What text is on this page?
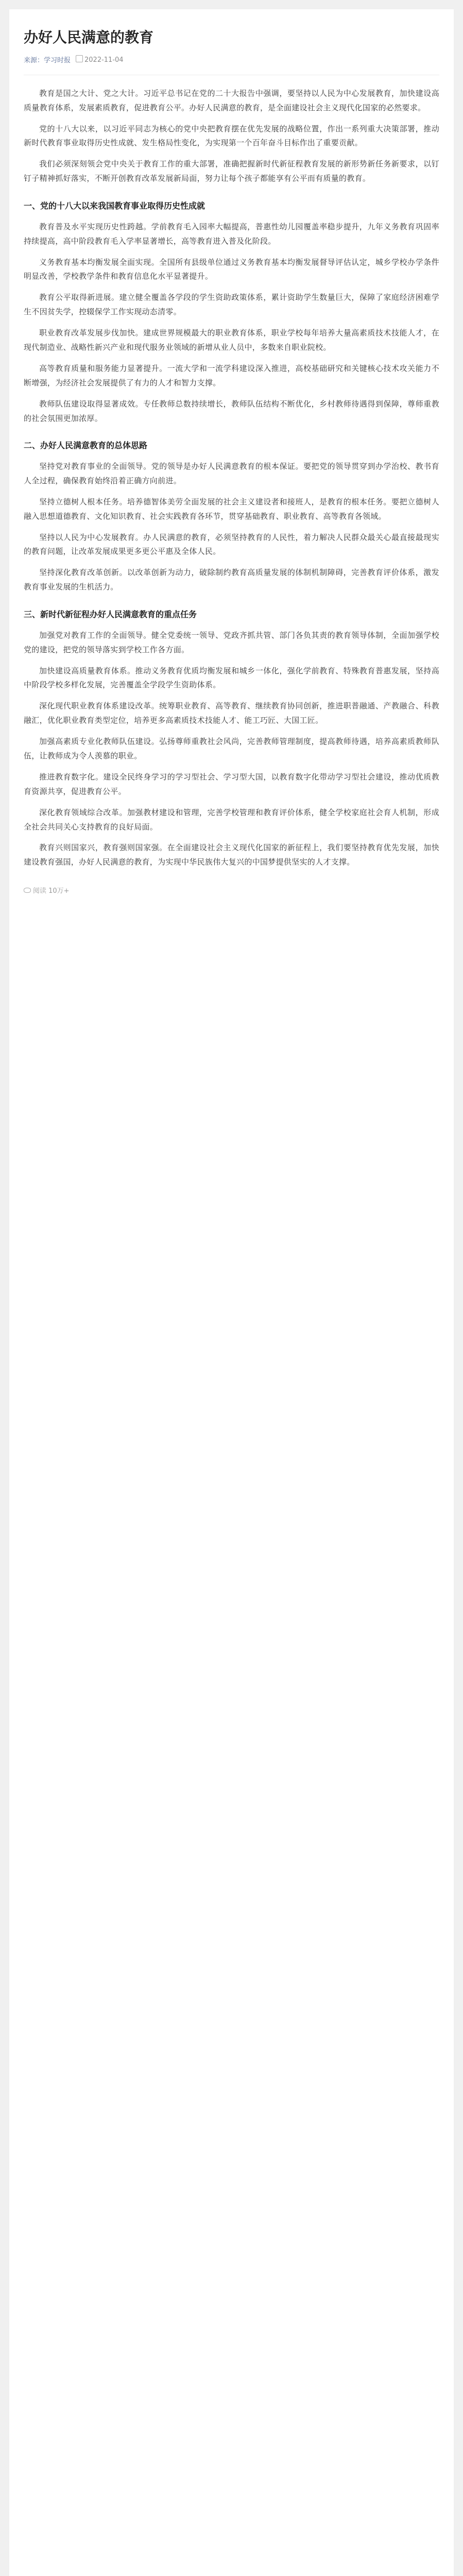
办好人民满意的教育
来源：学习时报	2022-11-04

教育是国之大计、党之大计。习近平总书记在党的二十大报告中强调，要坚持以人民为中心发展教育，加快建设高质量教育体系，发展素质教育，促进教育公平。办好人民满意的教育，是全面建设社会主义现代化国家的必然要求。

党的十八大以来，以习近平同志为核心的党中央把教育摆在优先发展的战略位置，作出一系列重大决策部署，推动新时代教育事业取得历史性成就、发生格局性变化，为实现第一个百年奋斗目标作出了重要贡献。

我们必须深刻领会党中央关于教育工作的重大部署，准确把握新时代新征程教育发展的新形势新任务新要求，以钉钉子精神抓好落实，不断开创教育改革发展新局面，努力让每个孩子都能享有公平而有质量的教育。

一、党的十八大以来我国教育事业取得历史性成就

教育普及水平实现历史性跨越。学前教育毛入园率大幅提高，普惠性幼儿园覆盖率稳步提升，九年义务教育巩固率持续提高，高中阶段教育毛入学率显著增长，高等教育进入普及化阶段。

义务教育基本均衡发展全面实现。全国所有县级单位通过义务教育基本均衡发展督导评估认定，城乡学校办学条件明显改善，学校教学条件和教育信息化水平显著提升。

教育公平取得新进展。建立健全覆盖各学段的学生资助政策体系，累计资助学生数量巨大，保障了家庭经济困难学生不因贫失学，控辍保学工作实现动态清零。

职业教育改革发展步伐加快。建成世界规模最大的职业教育体系，职业学校每年培养大量高素质技术技能人才，在现代制造业、战略性新兴产业和现代服务业领域的新增从业人员中，多数来自职业院校。

高等教育质量和服务能力显著提升。一流大学和一流学科建设深入推进，高校基础研究和关键核心技术攻关能力不断增强，为经济社会发展提供了有力的人才和智力支撑。

教师队伍建设取得显著成效。专任教师总数持续增长，教师队伍结构不断优化，乡村教师待遇得到保障，尊师重教的社会氛围更加浓厚。

二、办好人民满意教育的总体思路

坚持党对教育事业的全面领导。党的领导是办好人民满意教育的根本保证。要把党的领导贯穿到办学治校、教书育人全过程，确保教育始终沿着正确方向前进。

坚持立德树人根本任务。培养德智体美劳全面发展的社会主义建设者和接班人，是教育的根本任务。要把立德树人融入思想道德教育、文化知识教育、社会实践教育各环节，贯穿基础教育、职业教育、高等教育各领域。

坚持以人民为中心发展教育。办人民满意的教育，必须坚持教育的人民性，着力解决人民群众最关心最直接最现实的教育问题，让改革发展成果更多更公平惠及全体人民。

坚持深化教育改革创新。以改革创新为动力，破除制约教育高质量发展的体制机制障碍，完善教育评价体系，激发教育事业发展的生机活力。

三、新时代新征程办好人民满意教育的重点任务

加强党对教育工作的全面领导。健全党委统一领导、党政齐抓共管、部门各负其责的教育领导体制，全面加强学校党的建设，把党的领导落实到学校工作各方面。

加快建设高质量教育体系。推动义务教育优质均衡发展和城乡一体化，强化学前教育、特殊教育普惠发展，坚持高中阶段学校多样化发展，完善覆盖全学段学生资助体系。

深化现代职业教育体系建设改革。统筹职业教育、高等教育、继续教育协同创新，推进职普融通、产教融合、科教融汇，优化职业教育类型定位，培养更多高素质技术技能人才、能工巧匠、大国工匠。

加强高素质专业化教师队伍建设。弘扬尊师重教社会风尚，完善教师管理制度，提高教师待遇，培养高素质教师队伍，让教师成为令人羡慕的职业。

推进教育数字化。建设全民终身学习的学习型社会、学习型大国，以教育数字化带动学习型社会建设，推动优质教育资源共享，促进教育公平。

深化教育领域综合改革。加强教材建设和管理，完善学校管理和教育评价体系，健全学校家庭社会育人机制，形成全社会共同关心支持教育的良好局面。

教育兴则国家兴，教育强则国家强。在全面建设社会主义现代化国家的新征程上，我们要坚持教育优先发展，加快建设教育强国，办好人民满意的教育，为实现中华民族伟大复兴的中国梦提供坚实的人才支撑。

阅读 10万+
